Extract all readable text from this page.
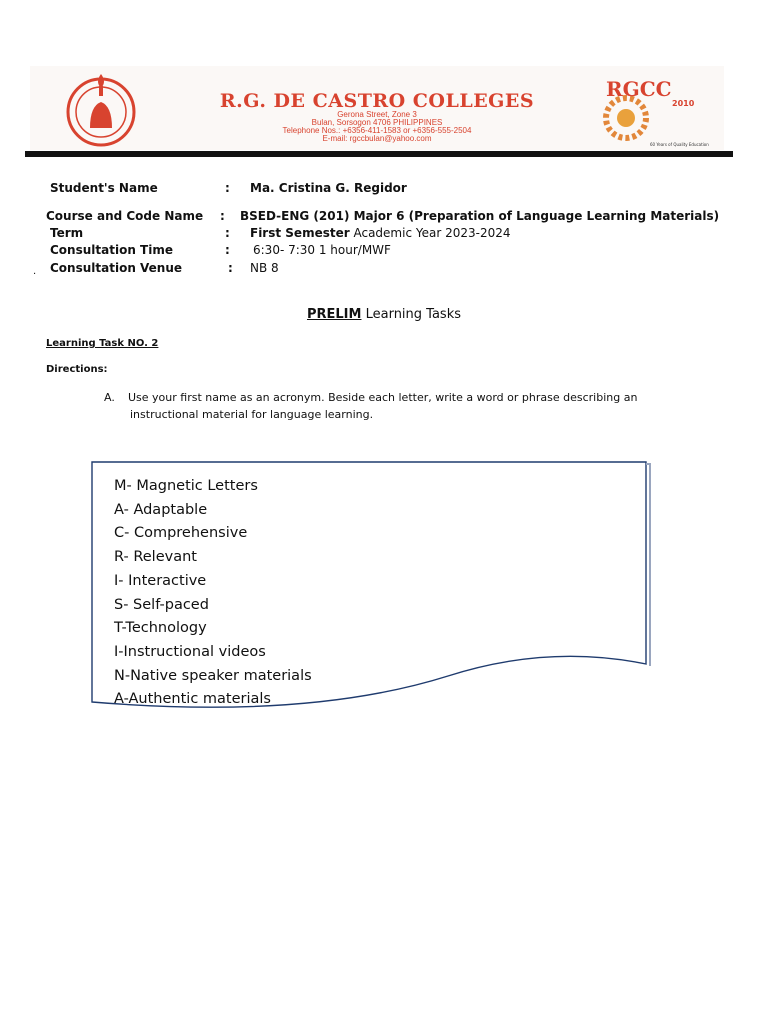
R.G. DE CASTRO COLLEGES
Gerona Street, Zone 3
Bulan, Sorsogon 4706 PHILIPPINES
Telephone Nos.: +6356-411-1583 or +6356-555-2504
E-mail: rgccbulan@yahoo.com
RGCC
2010
60 Years of Quality Education
Student's Name	: Ma. Cristina G. Regidor
Course and Code Name : BSED-ENG (201) Major 6 (Preparation of Language Learning Materials)
Term	: First Semester Academic Year 2023-2024
Consultation Time	: 6:30- 7:30 1 hour/MWF
. Consultation Venue	: NB 8
PRELIM Learning Tasks
Learning Task NO. 2
Directions:
A. Use your first name as an acronym. Beside each letter, write a word or phrase describing an
instructional material for language learning.
M- Magnetic Letters
A- Adaptable
C- Comprehensive
R- Relevant
I- Interactive
S- Self-paced
T-Technology
I-Instructional videos
N-Native speaker materials
A-Authentic materials
